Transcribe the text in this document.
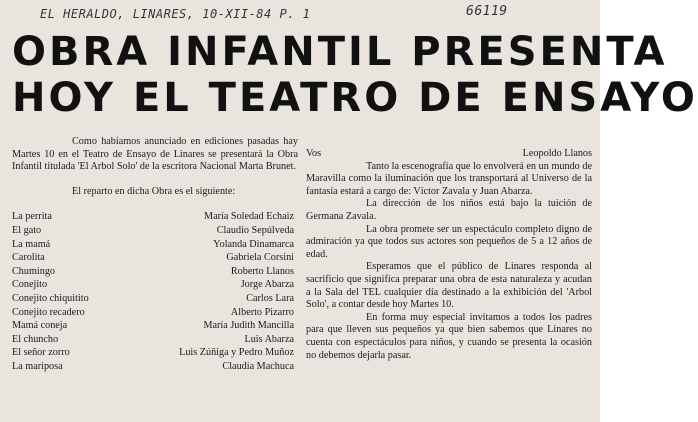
EL HERALDO, LINARES, 10-XII-84 P. 1	66119
OBRA INFANTIL PRESENTA
HOY EL TEATRO DE ENSAYO

Como habíamos anunciado en ediciones pasadas hay Martes 10 en el Teatro de Ensayo de Linares se presentará la Obra Infantil titulada 'El Arbol Solo' de la escritora Nacional Marta Brunet.

El reparto en dicha Obra es el siguiente:

La perrita	María Soledad Echaiz
El gato	Claudio Sepúlveda
La mamá	Yolanda Dinamarca
Carolita	Gabriela Corsini
Chumingo	Roberto Llanos
Conejito	Jorge Abarza
Conejito chiquitito	Carlos Lara
Conejito recadero	Alberto Pizarro
Mamá coneja	María Judith Mancilla
El chuncho	Luis Abarza
El señor zorro	Luis Zúñiga y Pedro Muñoz
La mariposa	Claudia Machuca
Vos	Leopoldo Llanos

Tanto la escenografía que lo envolverá en un mundo de Maravilla como la iluminación que los transportará al Universo de la fantasía estará a cargo de: Víctor Zavala y Juan Abarza.

La dirección de los niños está bajo la tuición de Germana Zavala.

La obra promete ser un espectáculo completo digno de admiración ya que todos sus actores son pequeños de 5 a 12 años de edad.

Esperamos que el público de Linares responda al sacrificio que significa preparar una obra de esta naturaleza y acudan a la Sala del TEL cualquier día destinado a la exhibición del 'Arbol Solo', a contar desde hoy Martes 10.

En forma muy especial invitamos a todos los padres para que lleven sus pequeños ya que bien sabemos que Linares no cuenta con espectáculos para niños, y cuando se presenta la ocasión no debemos dejarla pasar.
